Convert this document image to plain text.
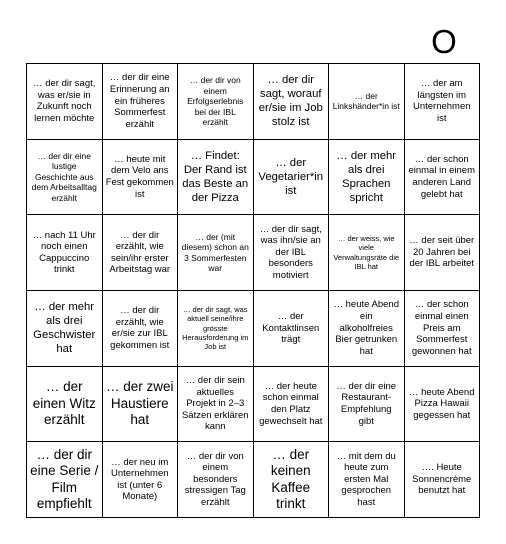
O
… der dir sagt, was er/sie in Zukunft noch lernen möchte
… der dir eine Erinnerung an ein früheres Sommerfest erzählt
… der dir von einem Erfolgserlebnis bei der IBL erzählt
… der dir sagt, worauf er/sie im Job stolz ist
… der Linkshänder*in ist
… der am längsten im Unternehmen ist
… der dir eine lustige Geschichte aus dem Arbeitsalltag erzählt
… heute mit dem Velo ans Fest gekommen ist
… Findet: Der Rand ist das Beste an der Pizza
… der Vegetarier*in ist
… der mehr als drei Sprachen spricht
… der schon einmal in einem anderen Land gelebt hat
… nach 11 Uhr noch einen Cappuccino trinkt
… der dir erzählt, wie sein/ihr erster Arbeitstag war
… der (mit diesem) schon an 3 Sommerfesten war
… der dir sagt, was ihn/sie an der IBL besonders motiviert
… der weiss, wie viele Verwaltungsräte die IBL hat
… der seit über 20 Jahren bei der IBL arbeitet
… der mehr als drei Geschwister hat
… der dir erzählt, wie er/sie zur IBL gekommen ist
… der dir sagt, was aktuell seine/ihre grösste Herausforderung im Job ist
… der Kontaktlinsen trägt
… heute Abend ein alkoholfreies Bier getrunken hat
… der schon einmal einen Preis am Sommerfest gewonnen hat
… der einen Witz erzählt
… der zwei Haustiere hat
… der dir sein aktuelles Projekt in 2–3 Sätzen erklären kann
… der heute schon einmal den Platz gewechselt hat
… der dir eine Restaurant-Empfehlung gibt
… heute Abend Pizza Hawaii gegessen hat
… der dir eine Serie / Film empfiehlt
… der neu im Unternehmen ist (unter 6 Monate)
… der dir von einem besonders stressigen Tag erzählt
… der keinen Kaffee trinkt
… mit dem du heute zum ersten Mal gesprochen hast
…. Heute Sonnencrème benutzt hat
